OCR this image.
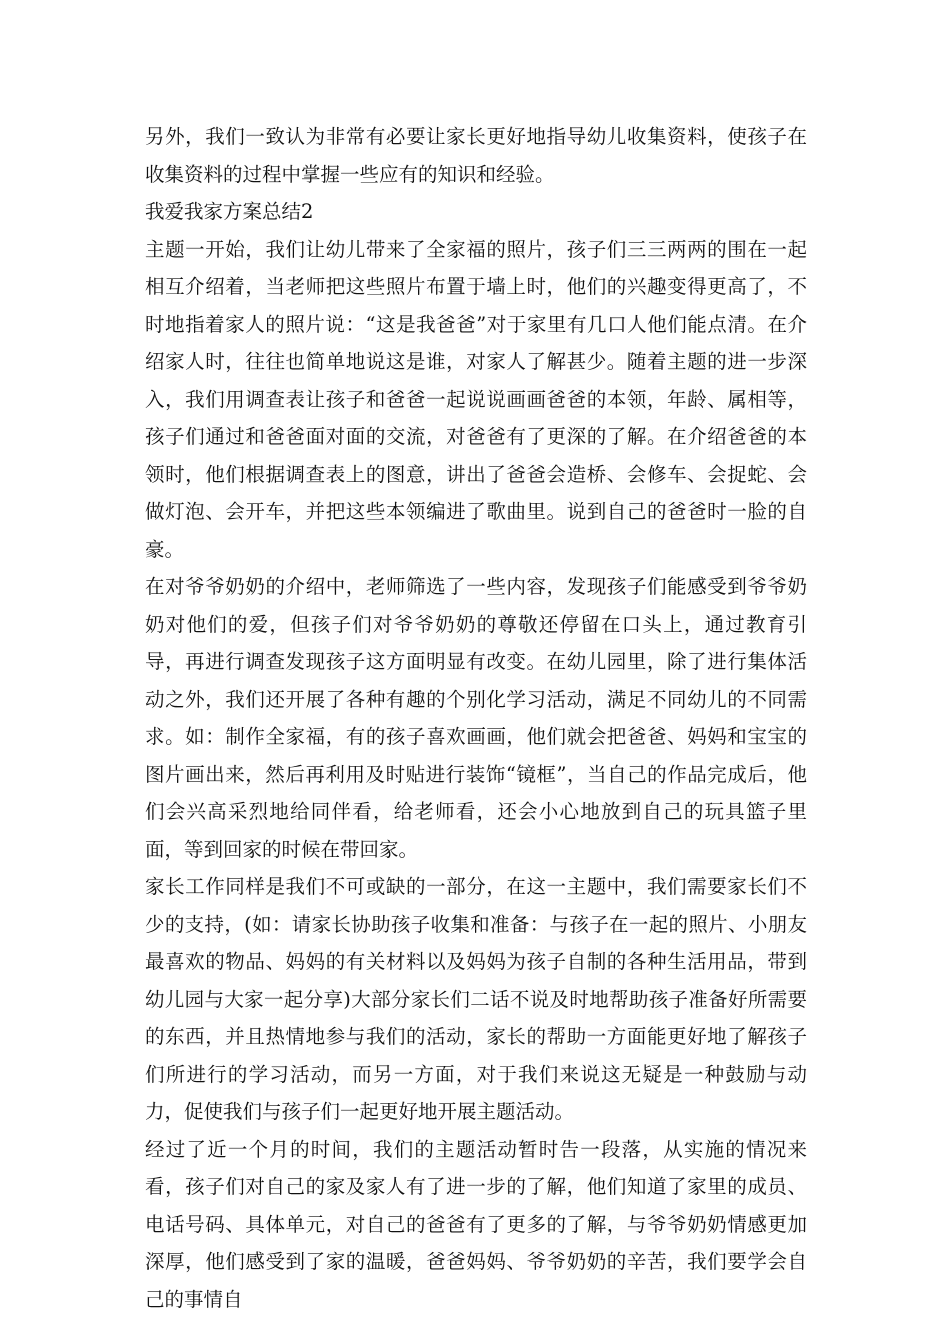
另外，我们一致认为非常有必要让家长更好地指导幼儿收集资料，使孩子在收集资料的过程中掌握一些应有的知识和经验。

我爱我家方案总结2

主题一开始，我们让幼儿带来了全家福的照片，孩子们三三两两的围在一起相互介绍着，当老师把这些照片布置于墙上时，他们的兴趣变得更高了，不时地指着家人的照片说：“这是我爸爸”对于家里有几口人他们能点清。在介绍家人时，往往也简单地说这是谁，对家人了解甚少。随着主题的进一步深入，我们用调查表让孩子和爸爸一起说说画画爸爸的本领，年龄、属相等，孩子们通过和爸爸面对面的交流，对爸爸有了更深的了解。在介绍爸爸的本领时，他们根据调查表上的图意，讲出了爸爸会造桥、会修车、会捉蛇、会做灯泡、会开车，并把这些本领编进了歌曲里。说到自己的爸爸时一脸的自豪。

在对爷爷奶奶的介绍中，老师筛选了一些内容，发现孩子们能感受到爷爷奶奶对他们的爱，但孩子们对爷爷奶奶的尊敬还停留在口头上，通过教育引导，再进行调查发现孩子这方面明显有改变。在幼儿园里，除了进行集体活动之外，我们还开展了各种有趣的个别化学习活动，满足不同幼儿的不同需求。如：制作全家福，有的孩子喜欢画画，他们就会把爸爸、妈妈和宝宝的图片画出来，然后再利用及时贴进行装饰“镜框”，当自己的作品完成后，他们会兴高采烈地给同伴看，给老师看，还会小心地放到自己的玩具篮子里面，等到回家的时候在带回家。

家长工作同样是我们不可或缺的一部分，在这一主题中，我们需要家长们不少的支持，(如：请家长协助孩子收集和准备：与孩子在一起的照片、小朋友最喜欢的物品、妈妈的有关材料以及妈妈为孩子自制的各种生活用品，带到幼儿园与大家一起分享)大部分家长们二话不说及时地帮助孩子准备好所需要的东西，并且热情地参与我们的活动，家长的帮助一方面能更好地了解孩子们所进行的学习活动，而另一方面，对于我们来说这无疑是一种鼓励与动力，促使我们与孩子们一起更好地开展主题活动。

经过了近一个月的时间，我们的主题活动暂时告一段落，从实施的情况来看，孩子们对自己的家及家人有了进一步的了解，他们知道了家里的成员、电话号码、具体单元，对自己的爸爸有了更多的了解，与爷爷奶奶情感更加深厚，他们感受到了家的温暖，爸爸妈妈、爷爷奶奶的辛苦，我们要学会自己的事情自
